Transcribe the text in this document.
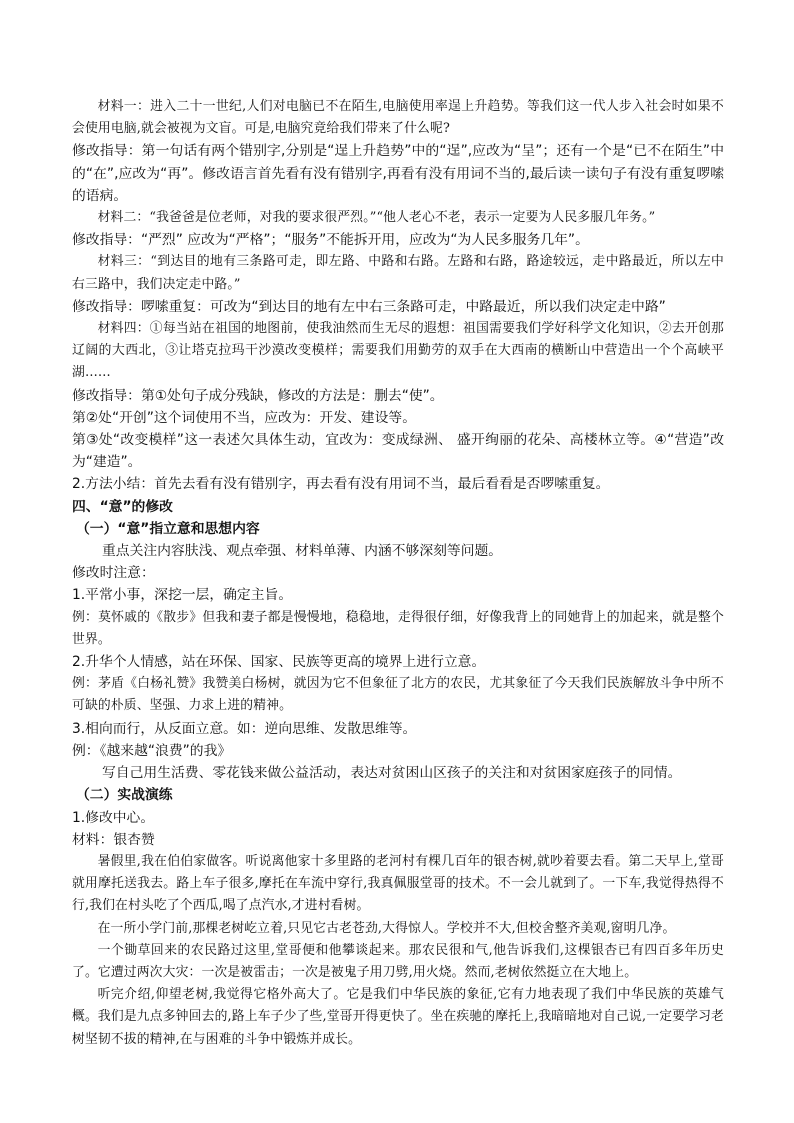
材料一：进入二十一世纪,人们对电脑已不在陌生,电脑使用率逞上升趋势。等我们这一代人步入社会时如果不会使用电脑,就会被视为文盲。可是,电脑究竟给我们带来了什么呢?

修改指导：第一句话有两个错别字,分别是“逞上升趋势”中的“逞”,应改为“呈”；还有一个是“已不在陌生”中的“在”,应改为“再”。修改语言首先看有没有错别字,再看有没有用词不当的,最后读一读句子有没有重复啰嗦的语病。

材料二：“我爸爸是位老师，对我的要求很严烈。”“他人老心不老，表示一定要为人民多服几年务。”

修改指导：“严烈” 应改为“严格”；“服务”不能拆开用，应改为“为人民多服务几年”。

材料三：“到达目的地有三条路可走，即左路、中路和右路。左路和右路，路途较远，走中路最近，所以左中右三路中，我们决定走中路。”

修改指导：啰嗦重复：可改为“到达目的地有左中右三条路可走，中路最近，所以我们决定走中路”

材料四：①每当站在祖国的地图前，使我油然而生无尽的遐想：祖国需要我们学好科学文化知识，②去开创那辽阔的大西北，③让塔克拉玛干沙漠改变模样；需要我们用勤劳的双手在大西南的横断山中营造出一个个高峡平湖……

修改指导：第①处句子成分残缺，修改的方法是：删去“使”。

第②处“开创”这个词使用不当，应改为：开发、建设等。

第③处“改变模样”这一表述欠具体生动，宜改为：变成绿洲、 盛开绚丽的花朵、高楼林立等。④“营造”改为“建造”。

2.方法小结：首先去看有没有错别字，再去看有没有用词不当，最后看看是否啰嗦重复。

四、“意”的修改

（一）“意”指立意和思想内容

重点关注内容肤浅、观点牵强、材料单薄、内涵不够深刻等问题。

修改时注意：

1.平常小事，深挖一层，确定主旨。

例：莫怀戚的《散步》但我和妻子都是慢慢地，稳稳地，走得很仔细，好像我背上的同她背上的加起来，就是整个世界。

2.升华个人情感，站在环保、国家、民族等更高的境界上进行立意。

例：茅盾《白杨礼赞》我赞美白杨树，就因为它不但象征了北方的农民，尤其象征了今天我们民族解放斗争中所不可缺的朴质、坚强、力求上进的精神。

3.相向而行，从反面立意。如：逆向思维、发散思维等。

例：《越来越“浪费”的我》

写自己用生活费、零花钱来做公益活动，表达对贫困山区孩子的关注和对贫困家庭孩子的同情。

（二）实战演练

1.修改中心。

材料：银杏赞

暑假里,我在伯伯家做客。听说离他家十多里路的老河村有棵几百年的银杏树,就吵着要去看。第二天早上,堂哥就用摩托送我去。路上车子很多,摩托在车流中穿行,我真佩服堂哥的技术。不一会儿就到了。一下车,我觉得热得不行,我们在村头吃了个西瓜,喝了点汽水,才进村看树。

在一所小学门前,那棵老树屹立着,只见它古老苍劲,大得惊人。学校并不大,但校舍整齐美观,窗明几净。

一个锄草回来的农民路过这里,堂哥便和他攀谈起来。那农民很和气,他告诉我们,这棵银杏已有四百多年历史了。它遭过两次大灾：一次是被雷击；一次是被鬼子用刀劈,用火烧。然而,老树依然挺立在大地上。

听完介绍,仰望老树,我觉得它格外高大了。它是我们中华民族的象征,它有力地表现了我们中华民族的英雄气概。我们是九点多钟回去的,路上车子少了些,堂哥开得更快了。坐在疾驰的摩托上,我暗暗地对自己说,一定要学习老树坚韧不拔的精神,在与困难的斗争中锻炼并成长。
